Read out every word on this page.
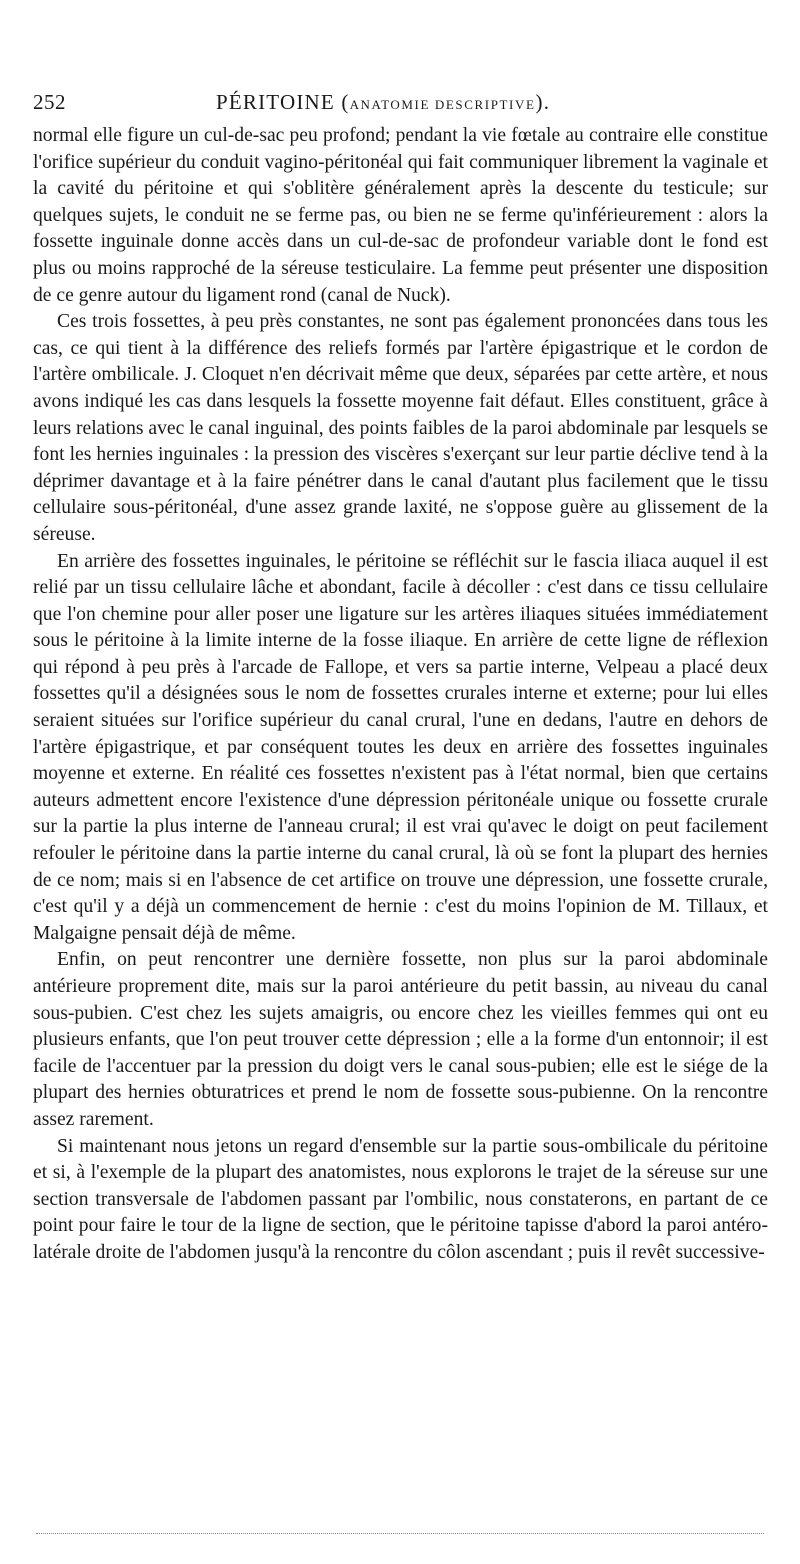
252	PÉRITOINE (ANATOMIE DESCRIPTIVE).

normal elle figure un cul-de-sac peu profond; pendant la vie fœtale au contraire elle constitue l'orifice supérieur du conduit vagino-péritonéal qui fait communiquer librement la vaginale et la cavité du péritoine et qui s'oblitère généralement après la descente du testicule; sur quelques sujets, le conduit ne se ferme pas, ou bien ne se ferme qu'inférieurement : alors la fossette inguinale donne accès dans un cul-de-sac de profondeur variable dont le fond est plus ou moins rapproché de la séreuse testiculaire. La femme peut présenter une disposition de ce genre autour du ligament rond (canal de Nuck).

Ces trois fossettes, à peu près constantes, ne sont pas également prononcées dans tous les cas, ce qui tient à la différence des reliefs formés par l'artère épigastrique et le cordon de l'artère ombilicale. J. Cloquet n'en décrivait même que deux, séparées par cette artère, et nous avons indiqué les cas dans lesquels la fossette moyenne fait défaut. Elles constituent, grâce à leurs relations avec le canal inguinal, des points faibles de la paroi abdominale par lesquels se font les hernies inguinales : la pression des viscères s'exerçant sur leur partie déclive tend à la déprimer davantage et à la faire pénétrer dans le canal d'autant plus facilement que le tissu cellulaire sous-péritonéal, d'une assez grande laxité, ne s'oppose guère au glissement de la séreuse.

En arrière des fossettes inguinales, le péritoine se réfléchit sur le fascia iliaca auquel il est relié par un tissu cellulaire lâche et abondant, facile à décoller : c'est dans ce tissu cellulaire que l'on chemine pour aller poser une ligature sur les artères iliaques situées immédiatement sous le péritoine à la limite interne de la fosse iliaque. En arrière de cette ligne de réflexion qui répond à peu près à l'arcade de Fallope, et vers sa partie interne, Velpeau a placé deux fossettes qu'il a désignées sous le nom de fossettes crurales interne et externe; pour lui elles seraient situées sur l'orifice supérieur du canal crural, l'une en dedans, l'autre en dehors de l'artère épigastrique, et par conséquent toutes les deux en arrière des fossettes inguinales moyenne et externe. En réalité ces fossettes n'existent pas à l'état normal, bien que certains auteurs admettent encore l'existence d'une dépression péritonéale unique ou fossette crurale sur la partie la plus interne de l'anneau crural; il est vrai qu'avec le doigt on peut facilement refouler le péritoine dans la partie interne du canal crural, là où se font la plupart des hernies de ce nom; mais si en l'absence de cet artifice on trouve une dépression, une fossette crurale, c'est qu'il y a déjà un commencement de hernie : c'est du moins l'opinion de M. Tillaux, et Malgaigne pensait déjà de même.

Enfin, on peut rencontrer une dernière fossette, non plus sur la paroi abdominale antérieure proprement dite, mais sur la paroi antérieure du petit bassin, au niveau du canal sous-pubien. C'est chez les sujets amaigris, ou encore chez les vieilles femmes qui ont eu plusieurs enfants, que l'on peut trouver cette dépression ; elle a la forme d'un entonnoir; il est facile de l'accentuer par la pression du doigt vers le canal sous-pubien; elle est le siége de la plupart des hernies obturatrices et prend le nom de fossette sous-pubienne. On la rencontre assez rarement.

Si maintenant nous jetons un regard d'ensemble sur la partie sous-ombilicale du péritoine et si, à l'exemple de la plupart des anatomistes, nous explorons le trajet de la séreuse sur une section transversale de l'abdomen passant par l'ombilic, nous constaterons, en partant de ce point pour faire le tour de la ligne de section, que le péritoine tapisse d'abord la paroi antéro-latérale droite de l'abdomen jusqu'à la rencontre du côlon ascendant ; puis il revêt successive-
